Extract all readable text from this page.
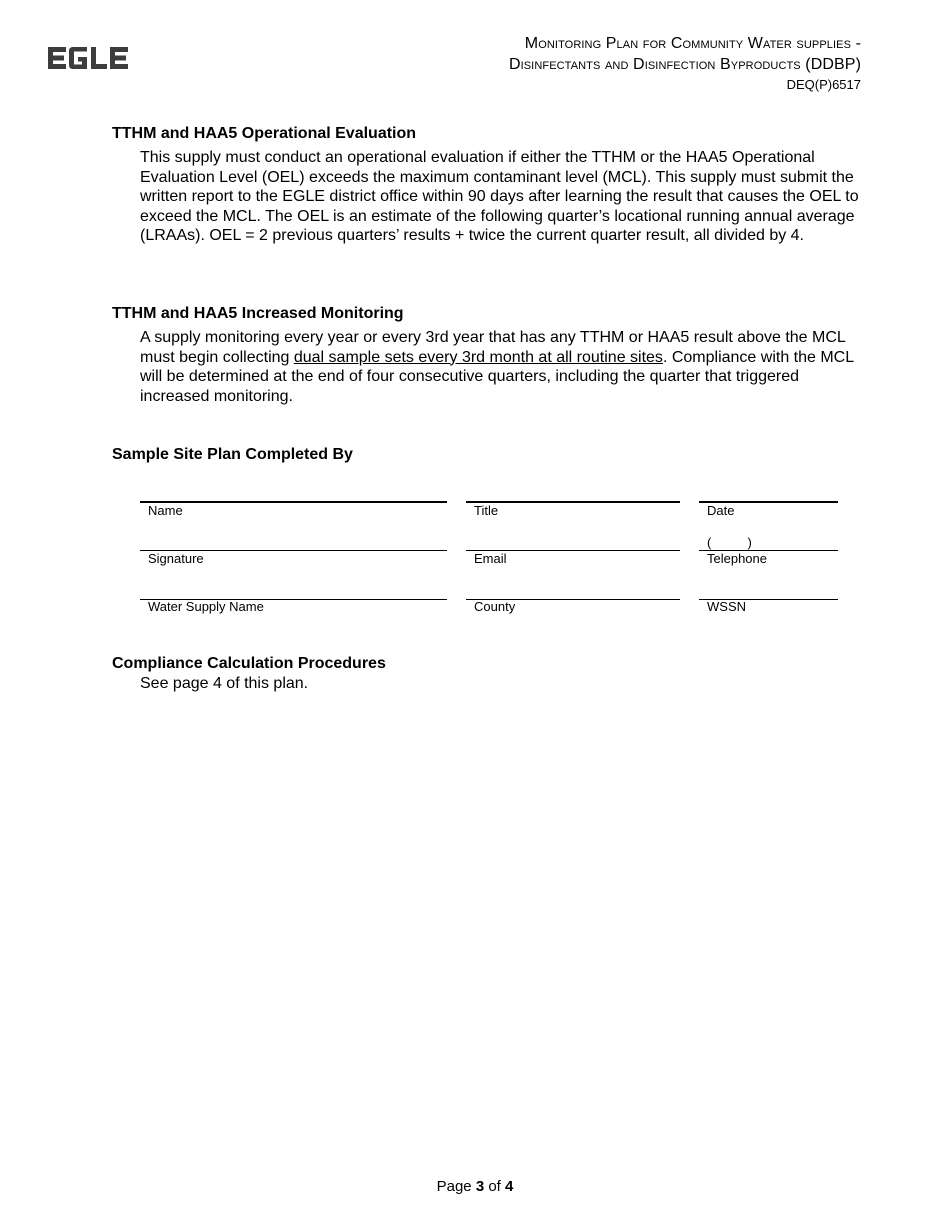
Monitoring Plan for Community Water supplies -
Disinfectants and Disinfection Byproducts (DDBP)
DEQ(P)6517
TTHM and HAA5 Operational Evaluation
This supply must conduct an operational evaluation if either the TTHM or the HAA5 Operational Evaluation Level (OEL) exceeds the maximum contaminant level (MCL). This supply must submit the written report to the EGLE district office within 90 days after learning the result that causes the OEL to exceed the MCL. The OEL is an estimate of the following quarter’s locational running annual average (LRAAs). OEL = 2 previous quarters’ results + twice the current quarter result, all divided by 4.
TTHM and HAA5 Increased Monitoring
A supply monitoring every year or every 3rd year that has any TTHM or HAA5 result above the MCL must begin collecting dual sample sets every 3rd month at all routine sites. Compliance with the MCL will be determined at the end of four consecutive quarters, including the quarter that triggered increased monitoring.
Sample Site Plan Completed By
Name	Title	Date
(          )
Signature	Email	Telephone
Water Supply Name	County	WSSN
Compliance Calculation Procedures
See page 4 of this plan.
Page 3 of 4
